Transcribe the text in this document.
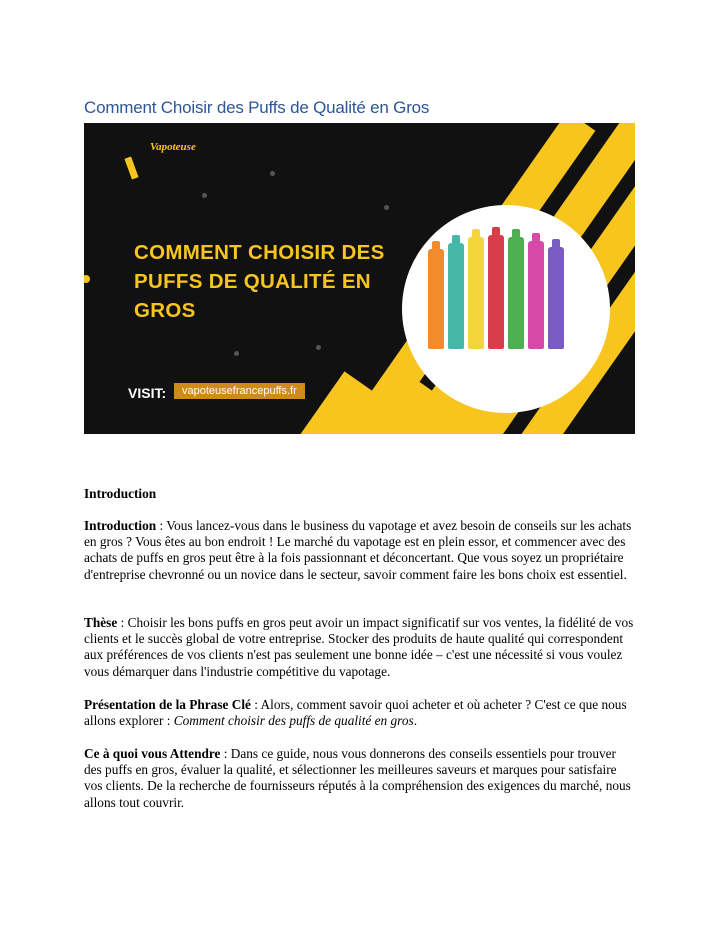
Comment Choisir des Puffs de Qualité en Gros
Vapoteuse
COMMENT CHOISIR DES PUFFS DE QUALITÉ EN GROS
VISIT:	vapoteusefrancepuffs.fr
Introduction
Introduction : Vous lancez-vous dans le business du vapotage et avez besoin de conseils sur les achats en gros ? Vous êtes au bon endroit ! Le marché du vapotage est en plein essor, et commencer avec des achats de puffs en gros peut être à la fois passionnant et déconcertant. Que vous soyez un propriétaire d'entreprise chevronné ou un novice dans le secteur, savoir comment faire les bons choix est essentiel.
Thèse : Choisir les bons puffs en gros peut avoir un impact significatif sur vos ventes, la fidélité de vos clients et le succès global de votre entreprise. Stocker des produits de haute qualité qui correspondent aux préférences de vos clients n'est pas seulement une bonne idée – c'est une nécessité si vous voulez vous démarquer dans l'industrie compétitive du vapotage.
Présentation de la Phrase Clé : Alors, comment savoir quoi acheter et où acheter ? C'est ce que nous allons explorer : Comment choisir des puffs de qualité en gros.
Ce à quoi vous Attendre : Dans ce guide, nous vous donnerons des conseils essentiels pour trouver des puffs en gros, évaluer la qualité, et sélectionner les meilleures saveurs et marques pour satisfaire vos clients. De la recherche de fournisseurs réputés à la compréhension des exigences du marché, nous allons tout couvrir.
